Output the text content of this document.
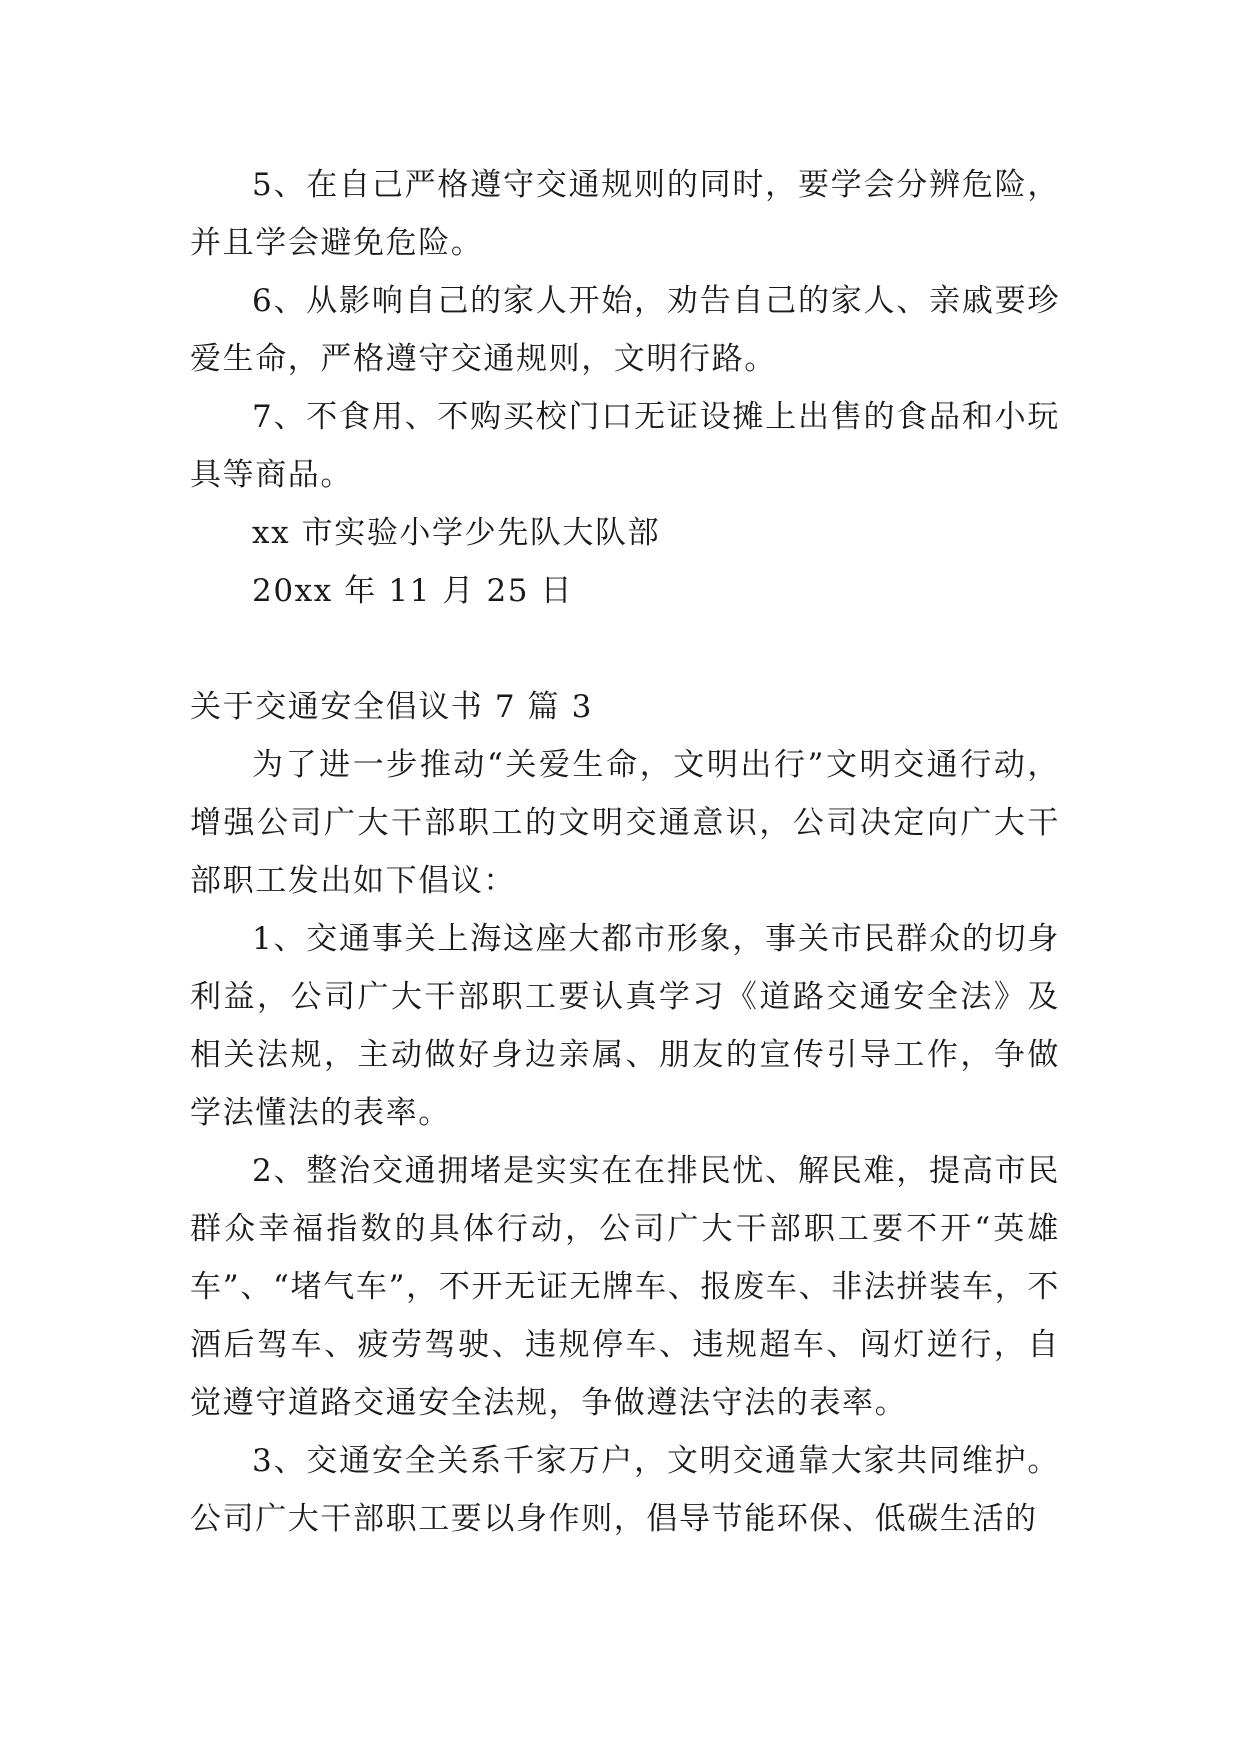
5、在自己严格遵守交通规则的同时，要学会分辨危险，并且学会避免危险。

6、从影响自己的家人开始，劝告自己的家人、亲戚要珍爱生命，严格遵守交通规则，文明行路。

7、不食用、不购买校门口无证设摊上出售的食品和小玩具等商品。

xx 市实验小学少先队大队部

20xx 年 11 月 25 日

关于交通安全倡议书 7 篇 3

为了进一步推动“关爱生命，文明出行”文明交通行动，增强公司广大干部职工的文明交通意识，公司决定向广大干部职工发出如下倡议：

1、交通事关上海这座大都市形象，事关市民群众的切身利益，公司广大干部职工要认真学习《道路交通安全法》及相关法规，主动做好身边亲属、朋友的宣传引导工作，争做学法懂法的表率。

2、整治交通拥堵是实实在在排民忧、解民难，提高市民群众幸福指数的具体行动，公司广大干部职工要不开“英雄车”、“堵气车”，不开无证无牌车、报废车、非法拼装车，不酒后驾车、疲劳驾驶、违规停车、违规超车、闯灯逆行，自觉遵守道路交通安全法规，争做遵法守法的表率。

3、交通安全关系千家万户，文明交通靠大家共同维护。公司广大干部职工要以身作则，倡导节能环保、低碳生活的
